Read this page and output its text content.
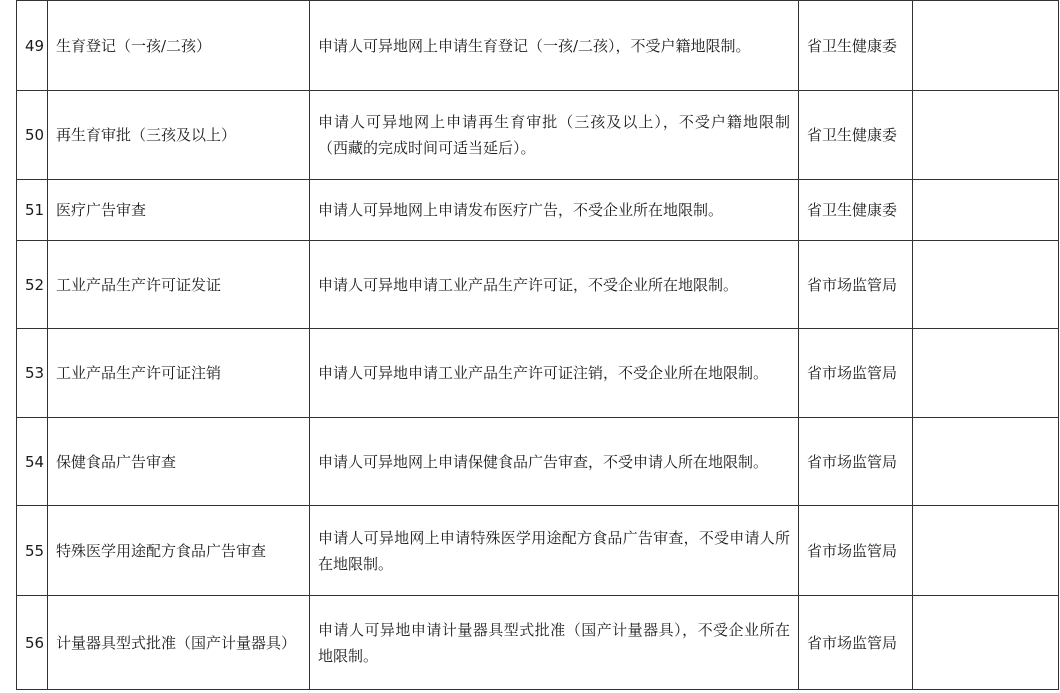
49	生育登记（一孩/二孩）	申请人可异地网上申请生育登记（一孩/二孩），不受户籍地限制。	省卫生健康委	
50	再生育审批（三孩及以上）	申请人可异地网上申请再生育审批（三孩及以上），不受户籍地限制（西藏的完成时间可适当延后）。	省卫生健康委	
51	医疗广告审查	申请人可异地网上申请发布医疗广告，不受企业所在地限制。	省卫生健康委	
52	工业产品生产许可证发证	申请人可异地申请工业产品生产许可证，不受企业所在地限制。	省市场监管局	
53	工业产品生产许可证注销	申请人可异地申请工业产品生产许可证注销，不受企业所在地限制。	省市场监管局	
54	保健食品广告审查	申请人可异地网上申请保健食品广告审查，不受申请人所在地限制。	省市场监管局	
55	特殊医学用途配方食品广告审查	申请人可异地网上申请特殊医学用途配方食品广告审查，不受申请人所在地限制。	省市场监管局	
56	计量器具型式批准（国产计量器具）	申请人可异地申请计量器具型式批准（国产计量器具），不受企业所在地限制。	省市场监管局	
